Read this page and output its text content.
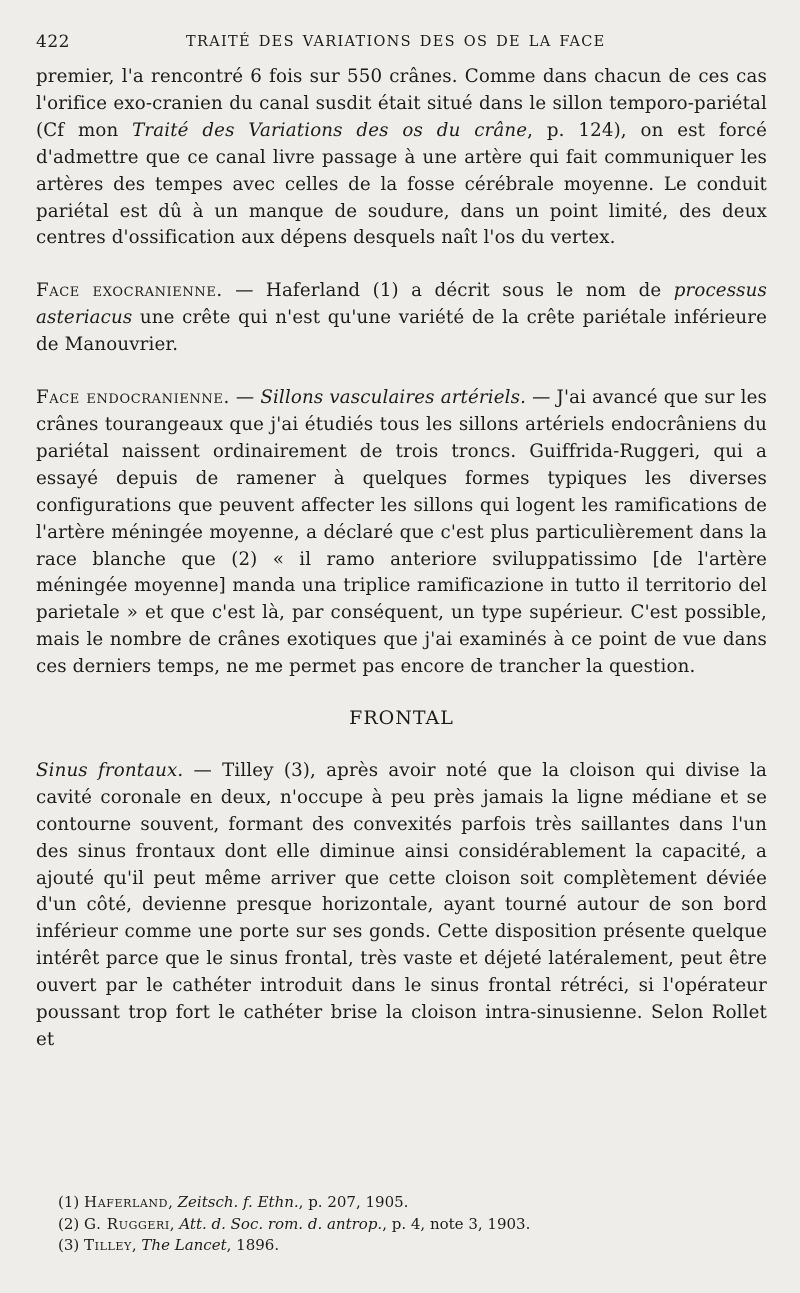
422	TRAITÉ DES VARIATIONS DES OS DE LA FACE

premier, l'a rencontré 6 fois sur 550 crânes. Comme dans chacun de ces cas l'orifice exo-cranien du canal susdit était situé dans le sillon temporo-pariétal (Cf mon Traité des Variations des os du crâne, p. 124), on est forcé d'admettre que ce canal livre passage à une artère qui fait communiquer les artères des tempes avec celles de la fosse cérébrale moyenne. Le conduit pariétal est dû à un manque de soudure, dans un point limité, des deux centres d'ossification aux dépens desquels naît l'os du vertex.

Face exocranienne. — Haferland (1) a décrit sous le nom de processus asteriacus une crête qui n'est qu'une variété de la crête pariétale inférieure de Manouvrier.

Face endocranienne. — Sillons vasculaires artériels. — J'ai avancé que sur les crânes tourangeaux que j'ai étudiés tous les sillons artériels endocrâniens du pariétal naissent ordinairement de trois troncs. Guiffrida-Ruggeri, qui a essayé depuis de ramener à quelques formes typiques les diverses configurations que peuvent affecter les sillons qui logent les ramifications de l'artère méningée moyenne, a déclaré que c'est plus particulièrement dans la race blanche que (2) « il ramo anteriore sviluppatissimo [de l'artère méningée moyenne] manda una triplice ramificazione in tutto il territorio del parietale » et que c'est là, par conséquent, un type supérieur. C'est possible, mais le nombre de crânes exotiques que j'ai examinés à ce point de vue dans ces derniers temps, ne me permet pas encore de trancher la question.

FRONTAL

Sinus frontaux. — Tilley (3), après avoir noté que la cloison qui divise la cavité coronale en deux, n'occupe à peu près jamais la ligne médiane et se contourne souvent, formant des convexités parfois très saillantes dans l'un des sinus frontaux dont elle diminue ainsi considérablement la capacité, a ajouté qu'il peut même arriver que cette cloison soit complètement déviée d'un côté, devienne presque horizontale, ayant tourné autour de son bord inférieur comme une porte sur ses gonds. Cette disposition présente quelque intérêt parce que le sinus frontal, très vaste et déjeté latéralement, peut être ouvert par le cathéter introduit dans le sinus frontal rétréci, si l'opérateur poussant trop fort le cathéter brise la cloison intra-sinusienne. Selon Rollet et

(1) Haferland, Zeitsch. f. Ethn., p. 207, 1905.
(2) G. Ruggeri, Att. d. Soc. rom. d. antrop., p. 4, note 3, 1903.
(3) Tilley, The Lancet, 1896.
